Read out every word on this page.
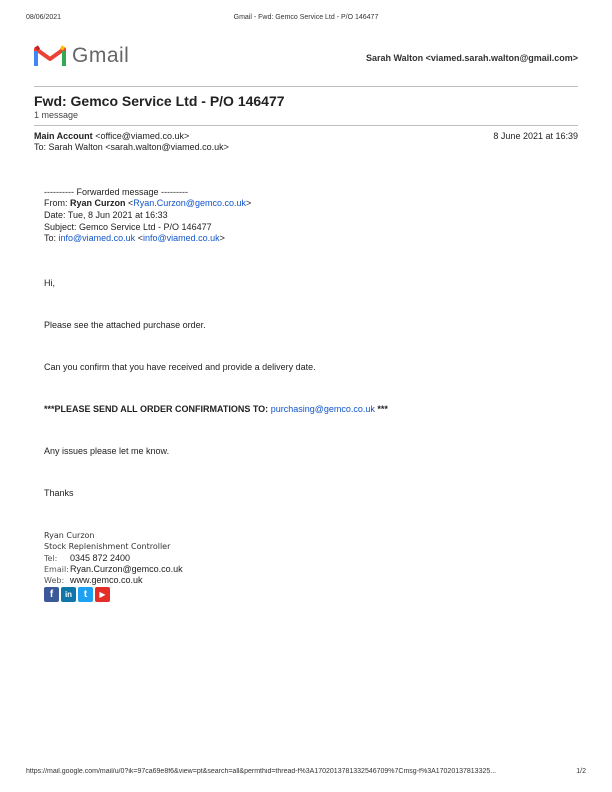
08/06/2021	Gmail - Fwd: Gemco Service Ltd - P/O 146477
Gmail	Sarah Walton <viamed.sarah.walton@gmail.com>
Fwd: Gemco Service Ltd - P/O 146477
1 message
Main Account <office@viamed.co.uk>	8 June 2021 at 16:39
To: Sarah Walton <sarah.walton@viamed.co.uk>
---------- Forwarded message ---------
From: Ryan Curzon <Ryan.Curzon@gemco.co.uk>
Date: Tue, 8 Jun 2021 at 16:33
Subject: Gemco Service Ltd - P/O 146477
To: info@viamed.co.uk <info@viamed.co.uk>
Hi,
Please see the attached purchase order.
Can you confirm that you have received and provide a delivery date.
***PLEASE SEND ALL ORDER CONFIRMATIONS TO: purchasing@gemco.co.uk ***
Any issues please let me know.
Thanks
Ryan Curzon
Stock Replenishment Controller
Tel: 0345 872 2400
Email:Ryan.Curzon@gemco.co.uk
Web: www.gemco.co.uk
f	in	t	▶
https://mail.google.com/mail/u/0?ik=97ca69e8f6&view=pt&search=all&permthid=thread-f%3A1702013781332546709%7Cmsg-f%3A17020137813325...	1/2
